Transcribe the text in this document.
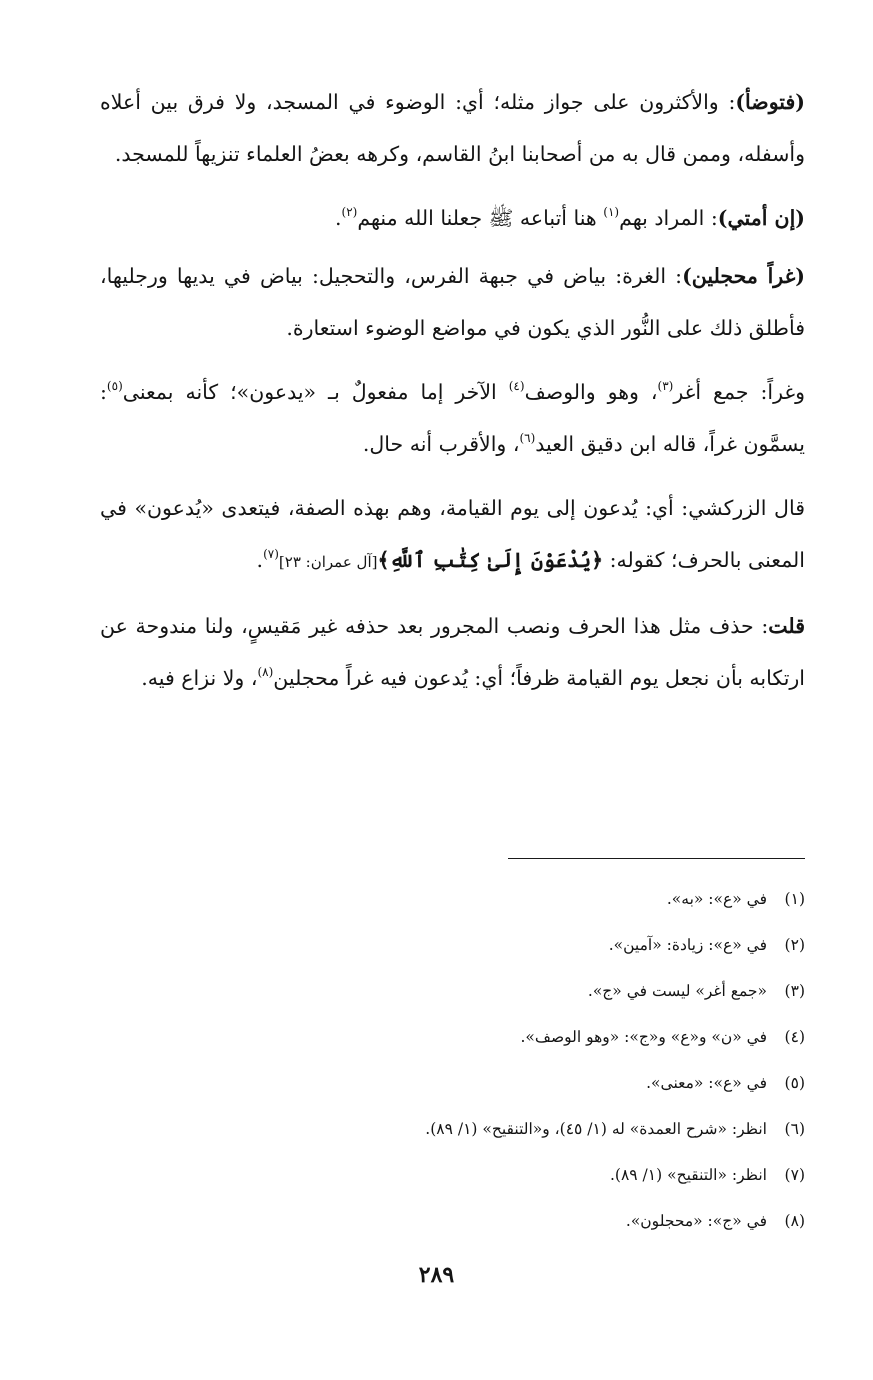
(فتوضأ): والأكثرون على جواز مثله؛ أي: الوضوء في المسجد، ولا فرق بين أعلاه وأسفله، وممن قال به من أصحابنا ابنُ القاسم، وكرهه بعضُ العلماء تنزيهاً للمسجد.

(إن أمتي): المراد بهم$^{(١)}$ هنا أتباعه ﷺ جعلنا الله منهم$^{(٢)}$.

(غراً محجلين): الغرة: بياض في جبهة الفرس، والتحجيل: بياض في يديها ورجليها، فأطلق ذلك على النُّور الذي يكون في مواضع الوضوء استعارة.

وغراً: جمع أغر$^{(٣)}$، وهو والوصف$^{(٤)}$ الآخر إما مفعولٌ بـ «يدعون»؛ كأنه بمعنى$^{(٥)}$: يسمَّون غراً، قاله ابن دقيق العيد$^{(٦)}$، والأقرب أنه حال.

قال الزركشي: أي: يُدعون إلى يوم القيامة، وهم بهذه الصفة، فيتعدى «يُدعون» في المعنى بالحرف؛ كقوله: ﴿يُدْعَوْنَ إِلَىٰ كِتَٰبِ ٱللَّهِ﴾[آل عمران: ٢٣]$^{(٧)}$.

قلت: حذف مثل هذا الحرف ونصب المجرور بعد حذفه غير مَقيسٍ، ولنا مندوحة عن ارتكابه بأن نجعل يوم القيامة ظرفاً؛ أي: يُدعون فيه غراً محجلين$^{(٨)}$، ولا نزاع فيه.

(١)في «ع»: «به».
(٢)في «ع»: زيادة: «آمين».
(٣)«جمع أغر» ليست في «ج».
(٤)في «ن» و«ع» و«ج»: «وهو الوصف».
(٥)في «ع»: «معنى».
(٦)انظر: «شرح العمدة» له (١/ ٤٥)، و«التنقيح» (١/ ٨٩).
(٧)انظر: «التنقيح» (١/ ٨٩).
(٨)في «ج»: «محجلون».
٢٨٩
